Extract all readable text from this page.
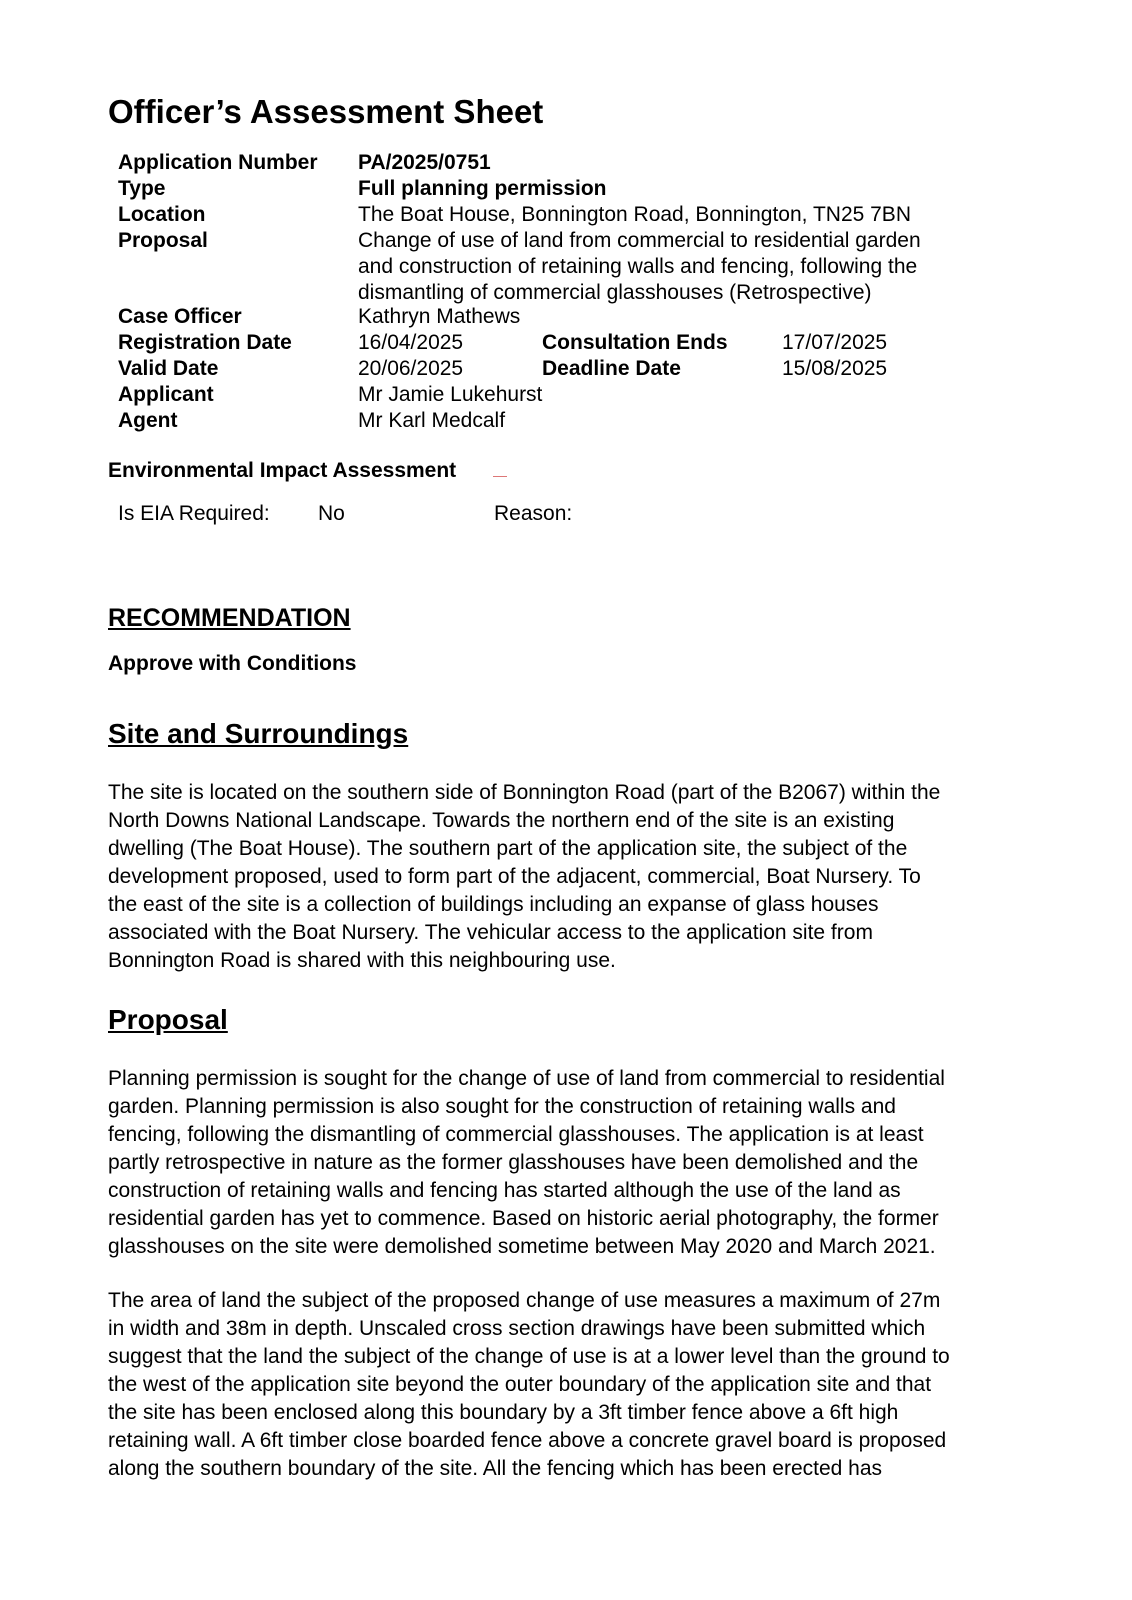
Officer’s Assessment Sheet
Application Number PA/2025/0751
Type	Full planning permission
Location	The Boat House, Bonnington Road, Bonnington, TN25 7BN
Proposal	Change of use of land from commercial to residential garden
and construction of retaining walls and fencing, following the
dismantling of commercial glasshouses (Retrospective)
Case Officer	Kathryn Mathews
Registration Date	16/04/2025	Consultation Ends	17/07/2025
Valid Date	20/06/2025	Deadline Date	15/08/2025
Applicant	Mr Jamie Lukehurst
Agent	Mr Karl Medcalf
Environmental Impact Assessment
Is EIA Required: No	Reason:
RECOMMENDATION
Approve with Conditions
Site and Surroundings
The site is located on the southern side of Bonnington Road (part of the B2067) within the
North Downs National Landscape. Towards the northern end of the site is an existing
dwelling (The Boat House). The southern part of the application site, the subject of the
development proposed, used to form part of the adjacent, commercial, Boat Nursery. To
the east of the site is a collection of buildings including an expanse of glass houses
associated with the Boat Nursery. The vehicular access to the application site from
Bonnington Road is shared with this neighbouring use.
Proposal
Planning permission is sought for the change of use of land from commercial to residential
garden. Planning permission is also sought for the construction of retaining walls and
fencing, following the dismantling of commercial glasshouses. The application is at least
partly retrospective in nature as the former glasshouses have been demolished and the
construction of retaining walls and fencing has started although the use of the land as
residential garden has yet to commence. Based on historic aerial photography, the former
glasshouses on the site were demolished sometime between May 2020 and March 2021.
The area of land the subject of the proposed change of use measures a maximum of 27m
in width and 38m in depth. Unscaled cross section drawings have been submitted which
suggest that the land the subject of the change of use is at a lower level than the ground to
the west of the application site beyond the outer boundary of the application site and that
the site has been enclosed along this boundary by a 3ft timber fence above a 6ft high
retaining wall. A 6ft timber close boarded fence above a concrete gravel board is proposed
along the southern boundary of the site. All the fencing which has been erected has
